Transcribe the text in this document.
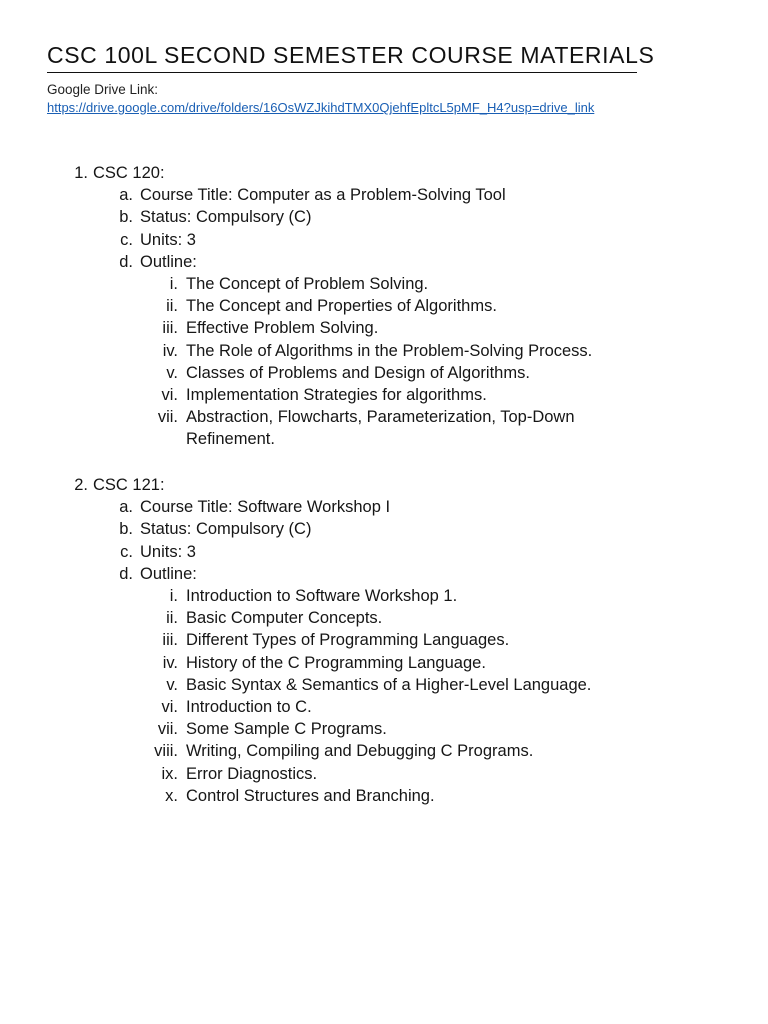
CSC 100L SECOND SEMESTER COURSE MATERIALS
Google Drive Link:
https://drive.google.com/drive/folders/16OsWZJkihdTMX0QjehfEpltcL5pMF_H4?usp=drive_link
1. CSC 120:
a. Course Title: Computer as a Problem-Solving Tool
b. Status: Compulsory (C)
c. Units: 3
d. Outline:
i. The Concept of Problem Solving.
ii. The Concept and Properties of Algorithms.
iii. Effective Problem Solving.
iv. The Role of Algorithms in the Problem-Solving Process.
v. Classes of Problems and Design of Algorithms.
vi. Implementation Strategies for algorithms.
vii. Abstraction, Flowcharts, Parameterization, Top-Down
Refinement.
2. CSC 121:
a. Course Title: Software Workshop I
b. Status: Compulsory (C)
c. Units: 3
d. Outline:
i. Introduction to Software Workshop 1.
ii. Basic Computer Concepts.
iii. Different Types of Programming Languages.
iv. History of the C Programming Language.
v. Basic Syntax & Semantics of a Higher-Level Language.
vi. Introduction to C.
vii. Some Sample C Programs.
viii. Writing, Compiling and Debugging C Programs.
ix. Error Diagnostics.
x. Control Structures and Branching.
